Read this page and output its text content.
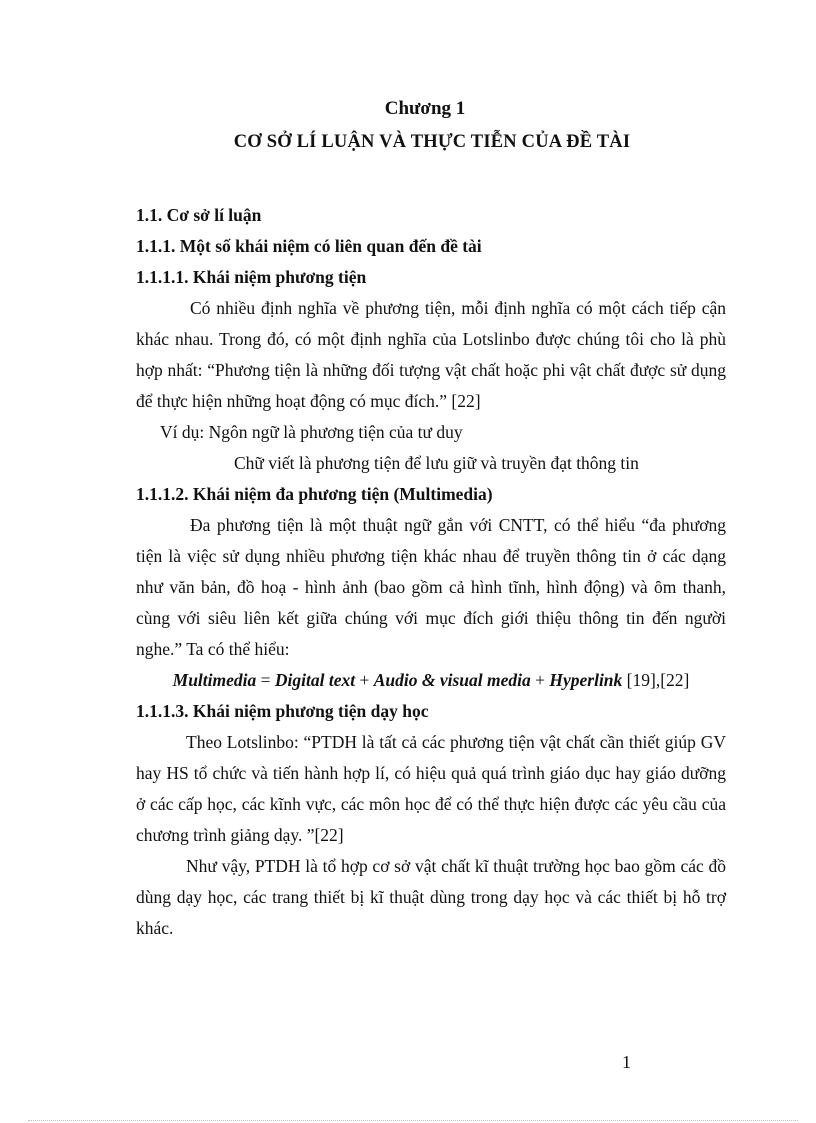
Chương 1
CƠ SỞ LÍ LUẬN VÀ THỰC TIỄN CỦA ĐỀ TÀI

1.1. Cơ sở lí luận

1.1.1. Một số khái niệm có liên quan đến đề tài

1.1.1.1. Khái niệm phương tiện

Có nhiều định nghĩa về phương tiện, mỗi định nghĩa có một cách tiếp cận khác nhau. Trong đó, có một định nghĩa của Lotslinbo được chúng tôi cho là phù hợp nhất: “Phương tiện là những đối tượng vật chất hoặc phi vật chất được sử dụng để thực hiện những hoạt động có mục đích.” [22]

Ví dụ: Ngôn ngữ là phương tiện của tư duy

Chữ viết là phương tiện để lưu giữ và truyền đạt thông tin

1.1.1.2. Khái niệm đa phương tiện (Multimedia)

Đa phương tiện là một thuật ngữ gắn với CNTT, có thể hiểu “đa phương tiện là việc sử dụng nhiều phương tiện khác nhau để truyền thông tin ở các dạng như văn bản, đồ hoạ - hình ảnh (bao gồm cả hình tĩnh, hình động) và ȏm thanh, cùng với siêu liên kết giữa chúng với mục đích giới thiệu thông tin đến người nghe.” Ta có thể hiểu:

Multimedia = Digital text + Audio & visual media + Hyperlink [19],[22]

1.1.1.3. Khái niệm phương tiện dạy học

Theo Lotslinbo: “PTDH là tất cả các phương tiện vật chất cần thiết giúp GV hay HS tổ chức và tiến hành hợp lí, có hiệu quả quá trình giáo dục hay giáo dưỡng ở các cấp học, các kĩnh vực, các môn học để có thể thực hiện được các yêu cầu của chương trình giảng dạy. ”[22]

Như vậy, PTDH là tổ hợp cơ sở vật chất kĩ thuật trường học bao gồm các đồ dùng dạy học, các trang thiết bị kĩ thuật dùng trong dạy học và các thiết bị hỗ trợ khác.

1
